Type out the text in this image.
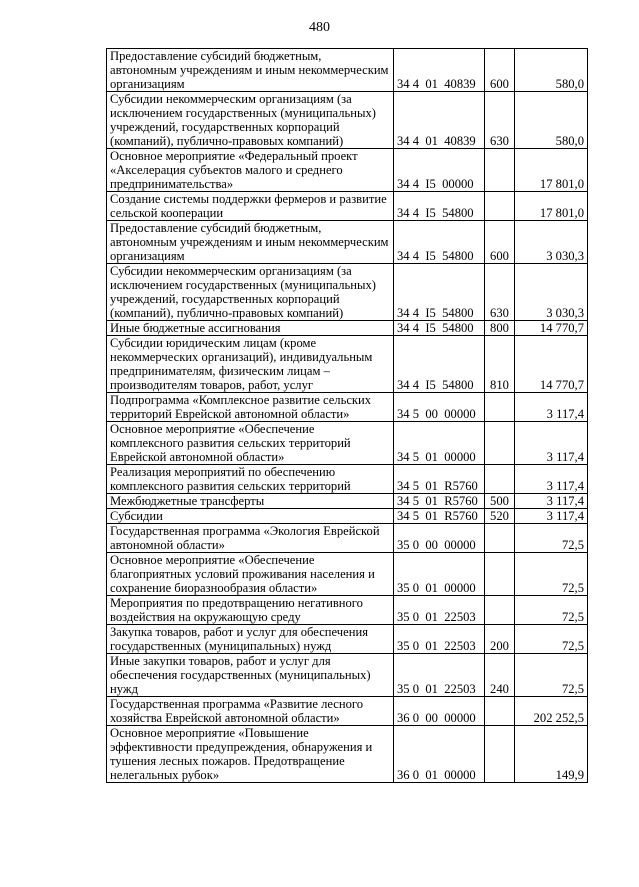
480
Предоставление субсидий бюджетным, автономным учреждениям и иным некоммерческим организациям	34 4  01  40839	600	580,0
Субсидии некоммерческим организациям (за исключением государственных (муниципальных) учреждений, государственных корпораций (компаний), публично-правовых компаний)	34 4  01  40839	630	580,0
Основное мероприятие «Федеральный проект «Акселерация субъектов малого и среднего предпринимательства»	34 4  I5  00000		17 801,0
Создание системы поддержки фермеров и развитие сельской кооперации	34 4  I5  54800		17 801,0
Предоставление субсидий бюджетным, автономным учреждениям и иным некоммерческим организациям	34 4  I5  54800	600	3 030,3
Субсидии некоммерческим организациям (за исключением государственных (муниципальных) учреждений, государственных корпораций (компаний), публично-правовых компаний)	34 4  I5  54800	630	3 030,3
Иные бюджетные ассигнования	34 4  I5  54800	800	14 770,7
Субсидии юридическим лицам (кроме некоммерческих организаций), индивидуальным предпринимателям, физическим лицам – производителям товаров, работ, услуг	34 4  I5  54800	810	14 770,7
Подпрограмма «Комплексное развитие сельских территорий Еврейской автономной области»	34 5  00  00000		3 117,4
Основное мероприятие «Обеспечение комплексного развития сельских территорий Еврейской автономной области»	34 5  01  00000		3 117,4
Реализация мероприятий по обеспечению комплексного развития сельских территорий	34 5  01  R5760		3 117,4
Межбюджетные трансферты	34 5  01  R5760	500	3 117,4
Субсидии	34 5  01  R5760	520	3 117,4
Государственная программа «Экология Еврейской автономной области»	35 0  00  00000		72,5
Основное мероприятие «Обеспечение благоприятных условий проживания населения и сохранение биоразнообразия области»	35 0  01  00000		72,5
Мероприятия по предотвращению негативного воздействия на окружающую среду	35 0  01  22503		72,5
Закупка товаров, работ и услуг для обеспечения государственных (муниципальных) нужд	35 0  01  22503	200	72,5
Иные закупки товаров, работ и услуг для обеспечения государственных (муниципальных) нужд	35 0  01  22503	240	72,5
Государственная программа «Развитие лесного хозяйства Еврейской автономной области»	36 0  00  00000		202 252,5
Основное мероприятие «Повышение эффективности предупреждения, обнаружения и тушения лесных пожаров. Предотвращение нелегальных рубок»	36 0  01  00000		149,9
